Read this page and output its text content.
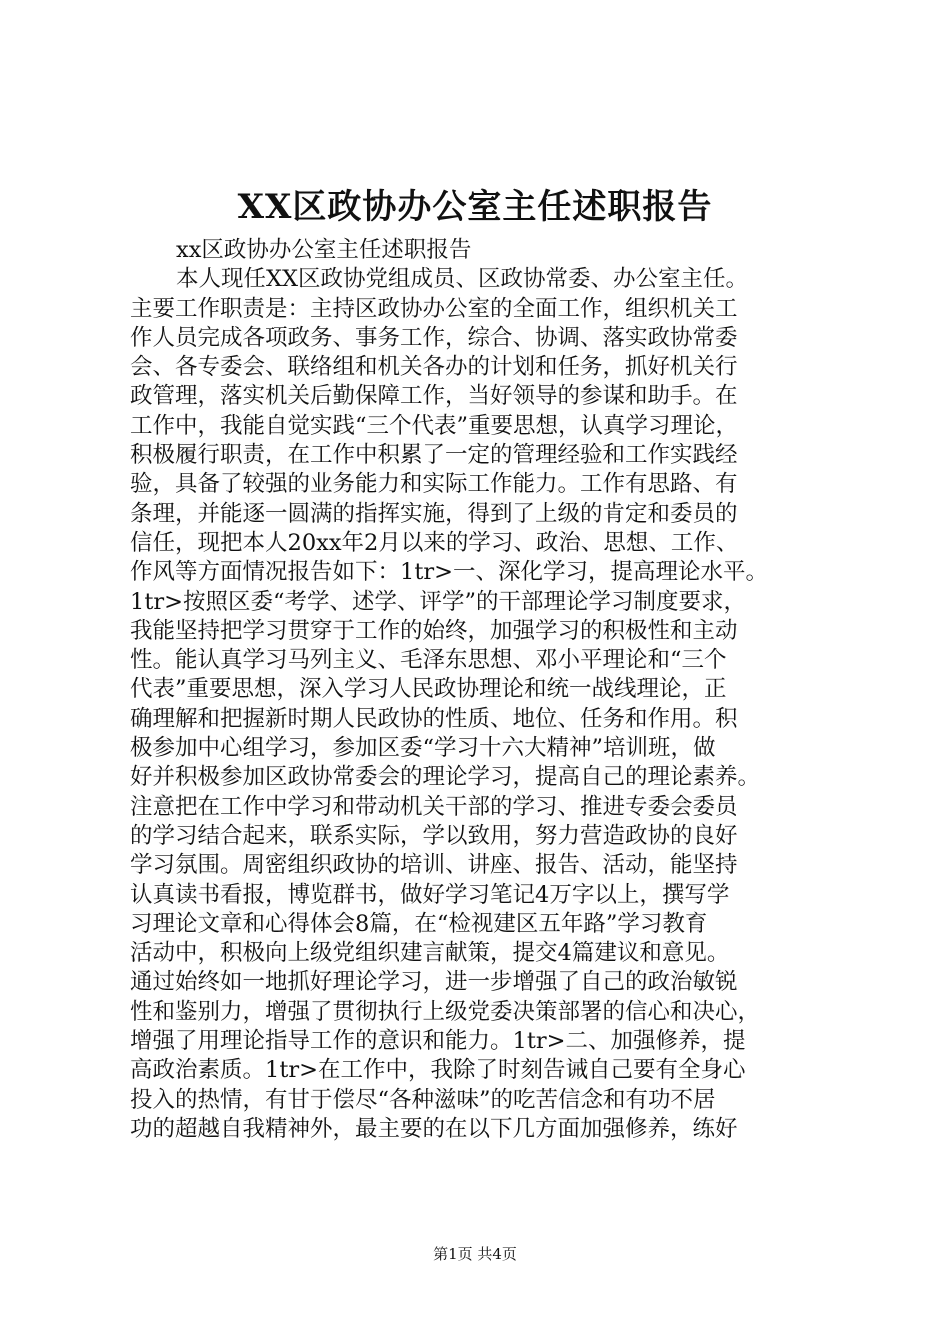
XX区政协办公室主任述职报告
xx区政协办公室主任述职报告
本人现任XX区政协党组成员、区政协常委、办公室主任。
主要工作职责是：主持区政协办公室的全面工作，组织机关工
作人员完成各项政务、事务工作，综合、协调、落实政协常委
会、各专委会、联络组和机关各办的计划和任务，抓好机关行
政管理，落实机关后勤保障工作，当好领导的参谋和助手。在
工作中，我能自觉实践“三个代表”重要思想，认真学习理论，
积极履行职责，在工作中积累了一定的管理经验和工作实践经
验，具备了较强的业务能力和实际工作能力。工作有思路、有
条理，并能逐一圆满的指挥实施，得到了上级的肯定和委员的
信任，现把本人20xx年2月以来的学习、政治、思想、工作、
作风等方面情况报告如下：1tr>一、深化学习，提高理论水平。
1tr>按照区委“考学、述学、评学”的干部理论学习制度要求，
我能坚持把学习贯穿于工作的始终，加强学习的积极性和主动
性。能认真学习马列主义、毛泽东思想、邓小平理论和“三个
代表”重要思想，深入学习人民政协理论和统一战线理论，正
确理解和把握新时期人民政协的性质、地位、任务和作用。积
极参加中心组学习，参加区委“学习十六大精神”培训班，做
好并积极参加区政协常委会的理论学习，提高自己的理论素养。
注意把在工作中学习和带动机关干部的学习、推进专委会委员
的学习结合起来，联系实际，学以致用，努力营造政协的良好
学习氛围。周密组织政协的培训、讲座、报告、活动，能坚持
认真读书看报，博览群书，做好学习笔记4万字以上，撰写学
习理论文章和心得体会8篇，在“检视建区五年路”学习教育
活动中，积极向上级党组织建言献策，提交4篇建议和意见。
通过始终如一地抓好理论学习，进一步增强了自己的政治敏锐
性和鉴别力，增强了贯彻执行上级党委决策部署的信心和决心，
增强了用理论指导工作的意识和能力。1tr>二、加强修养，提
高政治素质。1tr>在工作中，我除了时刻告诫自己要有全身心
投入的热情，有甘于偿尽“各种滋味”的吃苦信念和有功不居
功的超越自我精神外，最主要的在以下几方面加强修养，练好
第1页 共4页
